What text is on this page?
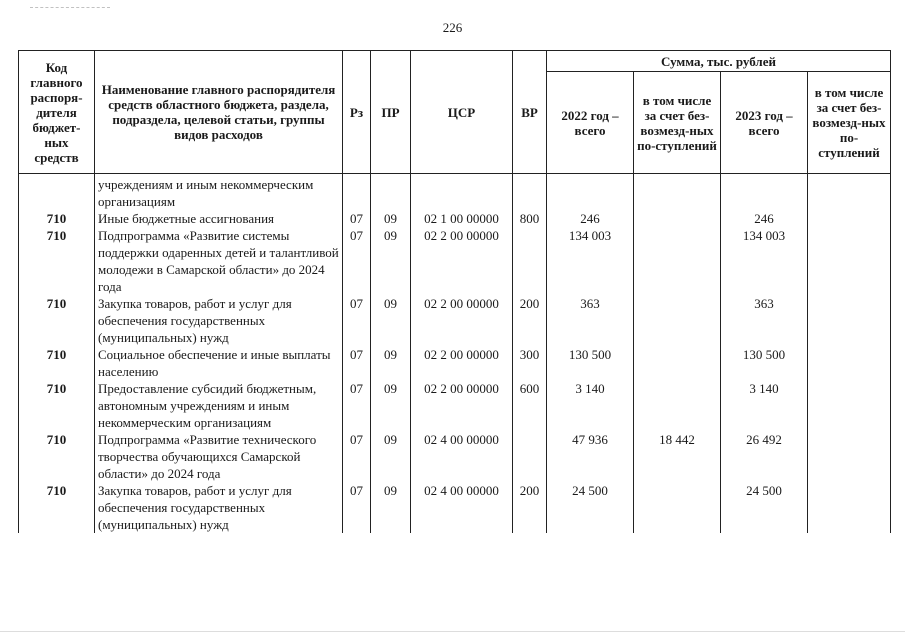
226
Код главного распоря-дителя бюджет-ных средств	Наименование главного распорядителя средств областного бюджета, раздела, подраздела, целевой статьи, группы видов расходов	Рз	ПР	ЦСР	ВР	Сумма, тыс. рублей			
						2022 год – всего	в том числе за счет без-возмезд-ных по-ступлений	2023 год – всего	в том числе за счет без-возмезд-ных по-ступлений
	учреждениям и иным некоммерческим организациям								
710	Иные бюджетные ассигнования	07	09	02 1 00 00000	800	246		246	
710	Подпрограмма «Развитие системы поддержки одаренных детей и талантливой молодежи в Самарской области» до 2024 года	07	09	02 2 00 00000		134 003		134 003	
710	Закупка товаров, работ и услуг для обеспечения государственных (муниципальных) нужд	07	09	02 2 00 00000	200	363		363	
710	Социальное обеспечение и иные выплаты населению	07	09	02 2 00 00000	300	130 500		130 500	
710	Предоставление субсидий бюджетным, автономным учреждениям и иным некоммерческим организациям	07	09	02 2 00 00000	600	3 140		3 140	
710	Подпрограмма «Развитие технического творчества обучающихся Самарской области» до 2024 года	07	09	02 4 00 00000		47 936	18 442	26 492	
710	Закупка товаров, работ и услуг для обеспечения государственных (муниципальных) нужд	07	09	02 4 00 00000	200	24 500		24 500	
